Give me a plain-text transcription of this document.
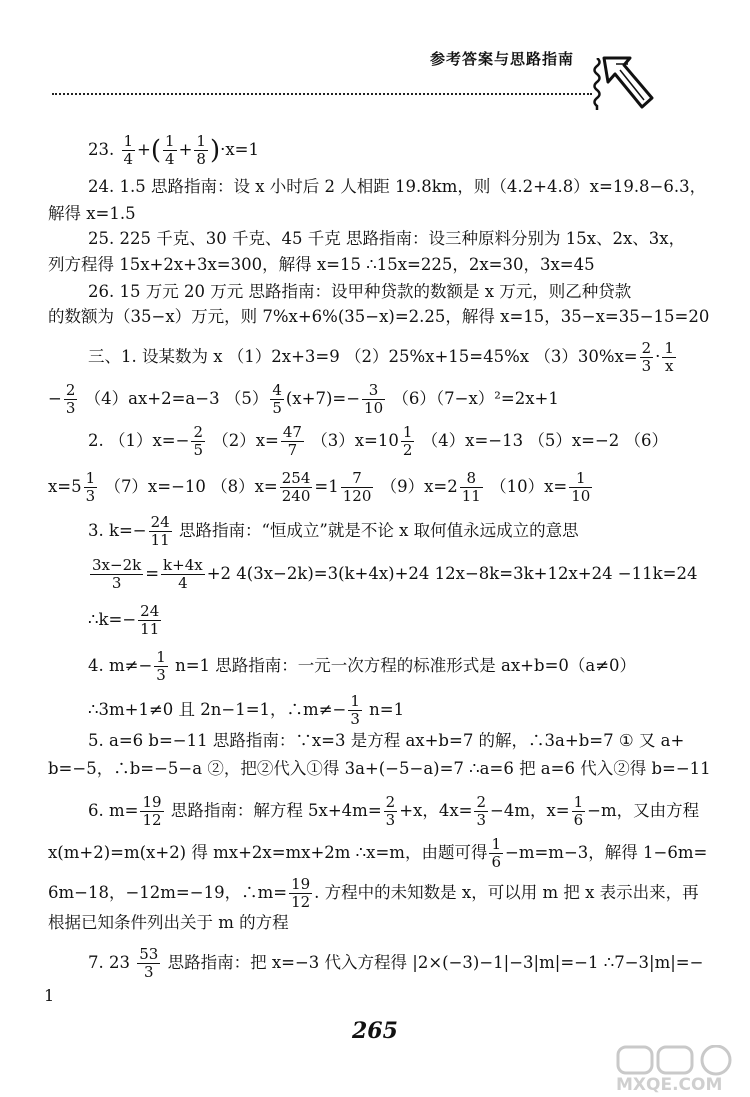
参考答案与思路指南
23. $\frac{1}{4}$ +( $\frac{1}{4} + \frac{1}{8} )\cdot x=1$
24. 1.5 思路指南：设 x 小时后 2 人相距 19.8km，则（4.2+4.8）x=19.8−6.3，
解得 x=1.5
25. 225 千克、30 千克、45 千克 思路指南：设三种原料分别为 15x、2x、3x，
列方程得 15x+2x+3x=300，解得 x=15 ∴15x=225，2x=30，3x=45
26. 15 万元 20 万元 思路指南：设甲种贷款的数额是 x 万元，则乙种贷款
的数额为（35−x）万元，则 7%x+6%(35−x)=2.25，解得 x=15，35−x=35−15=20
三、1. 设某数为 x （1）2x+3=9 （2）25%x+15=45%x $(3)30\%x= \frac{2}{3} \cdot \frac{1}{x}$
− $\frac{2}{3} (4)ax+2=a-3$ $(5) \frac{4}{5} (x+7)=- \frac{3}{10} (6)(7-x)^2=2x+1$
2. $(1)x=- \frac{2}{5} (2)x= \frac{47}{7} (3)x=10 \frac{1}{2} (4)x=-13$ （5）x=−2 （6）
$x=5 \frac{1}{3} (7)x=-10$ $(8)x= \frac{254}{240} =1 \frac{7}{120} (9)x=2 \frac{8}{11} (10)x= \frac{1}{10}$
3. $k=- \frac{24}{11}$ 思路指南：“恒成立”就是不论 x 取何值永远成立的意思
$\frac{3x-2k}{3} = \frac{k+4x}{4} +2$ 4(3x−2k)=3(k+4x)+24 12x−8k=3k+12x+24 −11k=24
∴k=− $\frac{24}{11}$
4. $m\ne- \frac{1}{3} n=1$ 思路指南：一元一次方程的标准形式是 ax+b=0（a≠0）
∴3m+1≠0 且 2n−1=1，∴m≠− $\frac{1}{3} n=1$
5. a=6 b=−11 思路指南：∵x=3 是方程 ax+b=7 的解，∴3a+b=7 ① 又 a+
b=−5，∴b=−5−a ②，把②代入①得 3a+(−5−a)=7 ∴a=6 把 a=6 代入②得 b=−11
6. $m= \frac{19}{12}$ 思路指南：解方程 $5x+4m= \frac{2}{3} +x$，$4x= \frac{2}{3} -4m$，$x= \frac{1}{6} -m$，又由方程
x(m+2)=m(x+2) 得 mx+2x=mx+2m ∴x=m，由题可得 $\frac{1}{6} -m=m-3$，解得 1−6m=
6m−18，−12m=−19，∴m= $\frac{19}{12}$ . 方程中的未知数是 x，可以用 m 把 x 表示出来，再
根据已知条件列出关于 m 的方程
7. $23 \frac{53}{3}$ 思路指南：把 x=−3 代入方程得 |2×(−3)−1|−3|m|=−1 ∴7−3|m|=−
1
265
MXQE.COM
